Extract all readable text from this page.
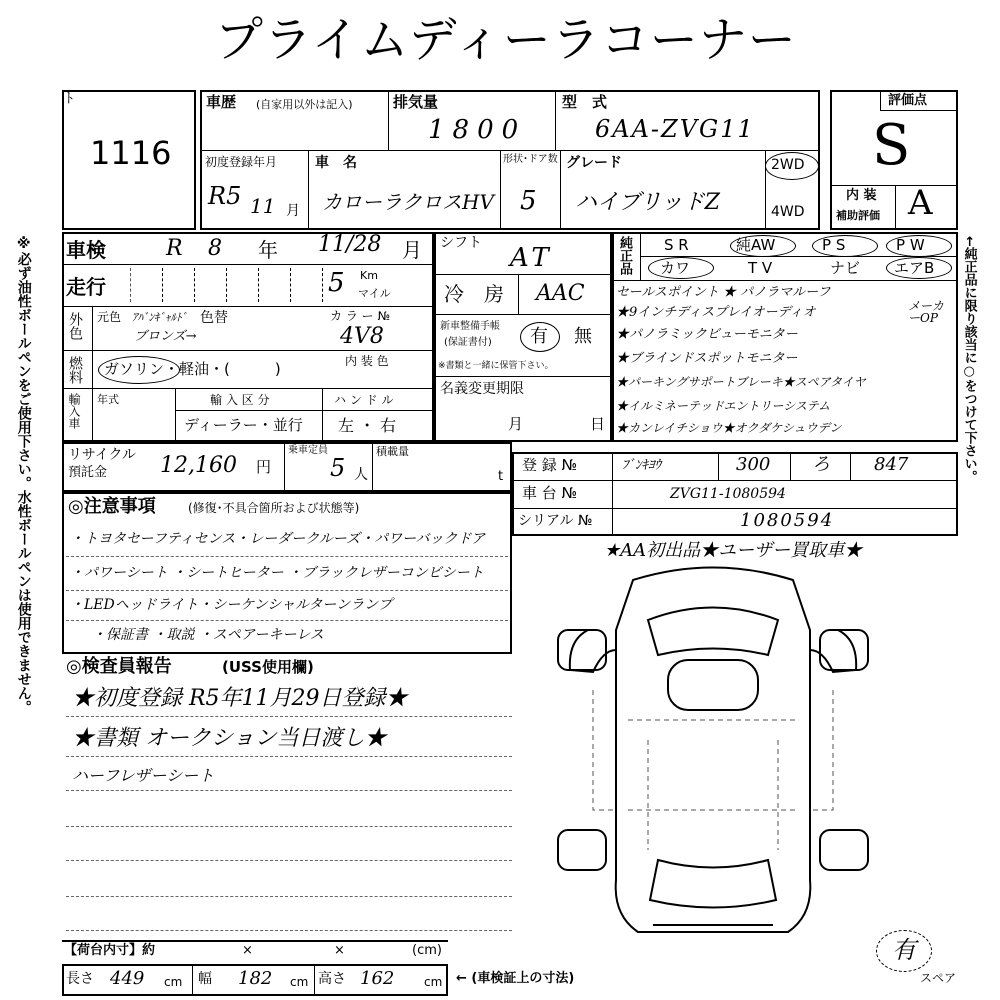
プライムディーラコーナー
※必ず油性ボールペンをご使用下さい。水性ボールペンは使用できません。	←純正品に限り該当に○をつけて下さい。
ﾄ
1116
車歴 (自家用以外は記入)	排気量
1800
型　式
6AA-ZVG11
初度登録年月
R5 11 月
車　名
カローラクロスHV
形状･ドア数
5
グレード
ハイブリッドZ
2WD
4WD
評価点
S
内 装
補助評価 A
車検	R 8 年 11/28 月
走行	5 Km
マイル
外色 元色 ｱﾊﾞﾝｷﾞｬﾙﾄﾞ 色替
ブロンズ→
カ ラ ー №
4V8
内 装 色
燃料 ガソリン・軽油・(　　　)
輸入車 年式	輸 入 区 分
ディーラー・並行
ハ ン ド ル
左 ・ 右
シフト AT
冷　房 AAC
新車整備手帳
(保証書付) 有 無
※書類と一緒に保管下さい。
名義変更期限
月	日
純正品 S R	純AW	P S	P W
カワ	T V	ナビ エアB
セールスポイント ★ パノラマルーフ
★9インチディスプレイオーディオ
★パノラミックビューモニター
★ブラインドスポットモニター
★パーキングサポートブレーキ★スペアタイヤ
★イルミネーテッドエントリーシステム
★カンレイチショウ★オクダケシュウデン
メーカーOP
リサイクル
預託金 12,160 円
乗車定員
5 人
積載量
t
登 録 №	ﾌﾞﾝｷﾖｳ	300 ろ 847
車 台 №	ZVG11-1080594
シリアル №	1080594
◎注意事項	(修復･不具合箇所および状態等)
・トヨタセーフティセンス・レーダークルーズ・パワーバックドア
・パワーシート ・シートヒーター ・ブラックレザーコンビシート
・LEDヘッドライト・シーケンシャルターンランプ
・保証書 ・取説 ・スペアーキーレス
◎検査員報告	(USS使用欄)
★初度登録 R5年11月29日登録★
★書類 オークション当日渡し★
ハーフレザーシート
★AA初出品★ユーザー買取車★
有
スペア
【荷台内寸】約	×	×	(cm)
長さ 449 cm 幅 182 cm 高さ 162 cm ← (車検証上の寸法)
